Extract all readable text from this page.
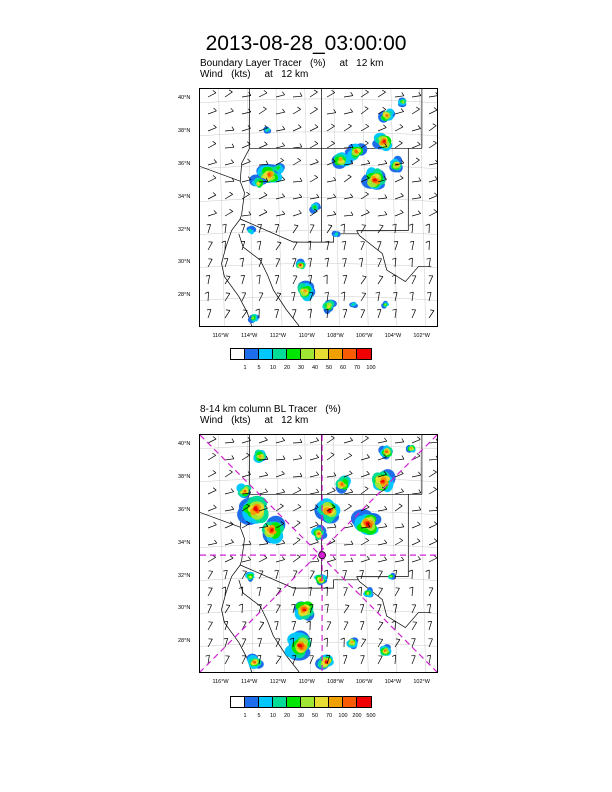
2013-08-28_03:00:00
Boundary Layer Tracer   (%)     at   12 km
Wind   (kts)     at   12 km
40°N
38°N
36°N
34°N
32°N
30°N
28°N
116°W	114°W	112°W	110°W	108°W	106°W	104°W	102°W
1	5	10	20	30	40	50	60	70	100
8-14 km column BL Tracer   (%)
Wind   (kts)     at   12 km
40°N
38°N
36°N
34°N
32°N
30°N
28°N
116°W	114°W	112°W	110°W	108°W	106°W	104°W	102°W
1	5	10	20	30	50	70	100 200 500
